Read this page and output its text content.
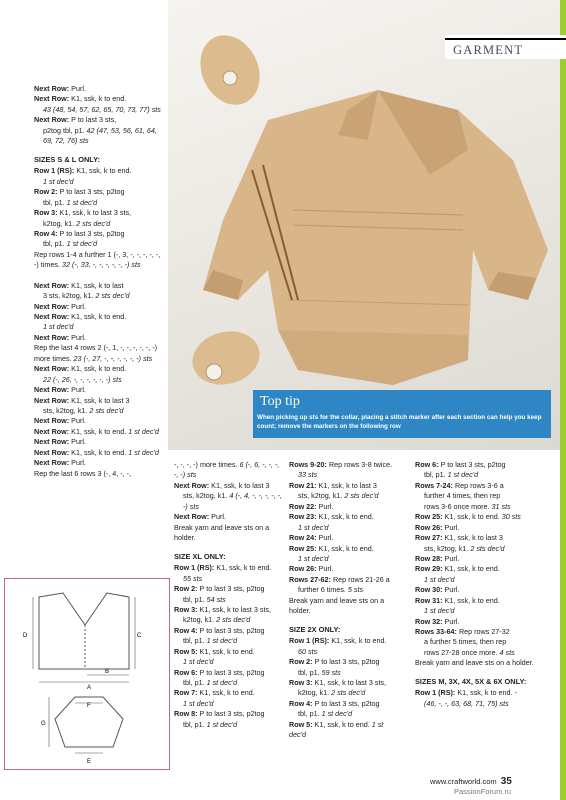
GARMENT
Top tip
When picking up sts for the collar, placing a stitch marker after each section can help you keep count; remove the markers on the following row

Next Row: Purl.

Next Row: K1, ssk, k to end.

43 (48, 54, 57, 62, 65, 70, 73, 77) sts

Next Row: P to last 3 sts,

p2tog tbl, p1. 42 (47, 53, 56, 61, 64, 69, 72, 76) sts

SIZES S & L ONLY:

Row 1 (RS): K1, ssk, k to end.

1 st dec'd

Row 2: P to last 3 sts, p2tog

tbl, p1. 1 st dec'd

Row 3: K1, ssk, k to last 3 sts,

k2tog, k1. 2 sts dec'd

Row 4: P to last 3 sts, p2tog

tbl, p1. 1 st dec'd

Rep rows 1-4 a further 1 (-, 3, -, -, -, -, -, -) times. 32 (-, 33, -, -, -, -, -, -) sts

Next Row: K1, ssk, k to last

3 sts, k2tog, k1. 2 sts dec'd

Next Row: Purl.

Next Row: K1, ssk, k to end.

1 st dec'd

Next Row: Purl.

Rep the last 4 rows 2 (-, 1, -, -, -, -, -, -) more times. 23 (-, 27, -, -, -, -, -, -) sts

Next Row: K1, ssk, k to end.

22 (-, 26, -, -, -, -, -, -) sts

Next Row: Purl.

Next Row: K1, ssk, k to last 3

sts, k2tog, k1. 2 sts dec'd

Next Row: Purl.

Next Row: K1, ssk, k to end. 1 st dec'd

Next Row: Purl.

Next Row: K1, ssk, k to end. 1 st dec'd

Next Row: Purl.

Rep the last 6 rows 3 (-, 4, -, -,

D	C
B
A
F
G
E

-, -, -, -) more times. 6 (-, 6, -, -, -, -, -) sts

Next Row: K1, ssk, k to last 3

sts, k2tog, k1. 4 (-, 4, -, -, -, -, -, -) sts

Next Row: Purl.

Break yarn and leave sts on a holder.

SIZE XL ONLY:

Row 1 (RS): K1, ssk, k to end.

55 sts

Row 2: P to last 3 sts, p2tog

tbl, p1. 54 sts

Row 3: K1, ssk, k to last 3 sts,

k2tog, k1. 2 sts dec'd

Row 4: P to last 3 sts, p2tog

tbl, p1. 1 st dec'd

Row 5: K1, ssk, k to end.

1 st dec'd

Row 6: P to last 3 sts, p2tog

tbl, p1. 1 st dec'd

Row 7: K1, ssk, k to end.

1 st dec'd

Row 8: P to last 3 sts, p2tog

tbl, p1. 1 st dec'd

Rows 9-20: Rep rows 3-8 twice.

33 sts

Row 21: K1, ssk, k to last 3

sts, k2tog, k1. 2 sts dec'd

Row 22: Purl.

Row 23: K1, ssk, k to end.

1 st dec'd

Row 24: Purl.

Row 25: K1, ssk, k to end.

1 st dec'd

Row 26: Purl.

Rows 27-62: Rep rows 21-26 a

further 6 times. 5 sts

Break yarn and leave sts on a holder.

SIZE 2X ONLY:

Row 1 (RS): K1, ssk, k to end.

60 sts

Row 2: P to last 3 sts, p2tog

tbl, p1. 59 sts

Row 3: K1, ssk, k to last 3 sts,

k2tog, k1. 2 sts dec'd

Row 4: P to last 3 sts, p2tog

tbl, p1. 1 st dec'd

Row 5: K1, ssk, k to end. 1 st dec'd

Row 6: P to last 3 sts, p2tog

tbl, p1. 1 st dec'd

Rows 7-24: Rep rows 3-6 a

further 4 times, then rep

rows 3-6 once more. 31 sts

Row 25: K1, ssk, k to end. 30 sts

Row 26: Purl.

Row 27: K1, ssk, k to last 3

sts, k2tog, k1. 2 sts dec'd

Row 28: Purl.

Row 29: K1, ssk, k to end.

1 st dec'd

Row 30: Purl.

Row 31: K1, ssk, k to end.

1 st dec'd

Row 32: Purl.

Rows 33-64: Rep rows 27-32

a further 5 times, then rep

rows 27-28 once more. 4 sts

Break yarn and leave sts on a holder.

SIZES M, 3X, 4X, 5X & 6X ONLY:

Row 1 (RS): K1, ssk, k to end. -

(46, -, -, 63, 68, 71, 75) sts

www.craftworld.com 35
PassionForum.ru
